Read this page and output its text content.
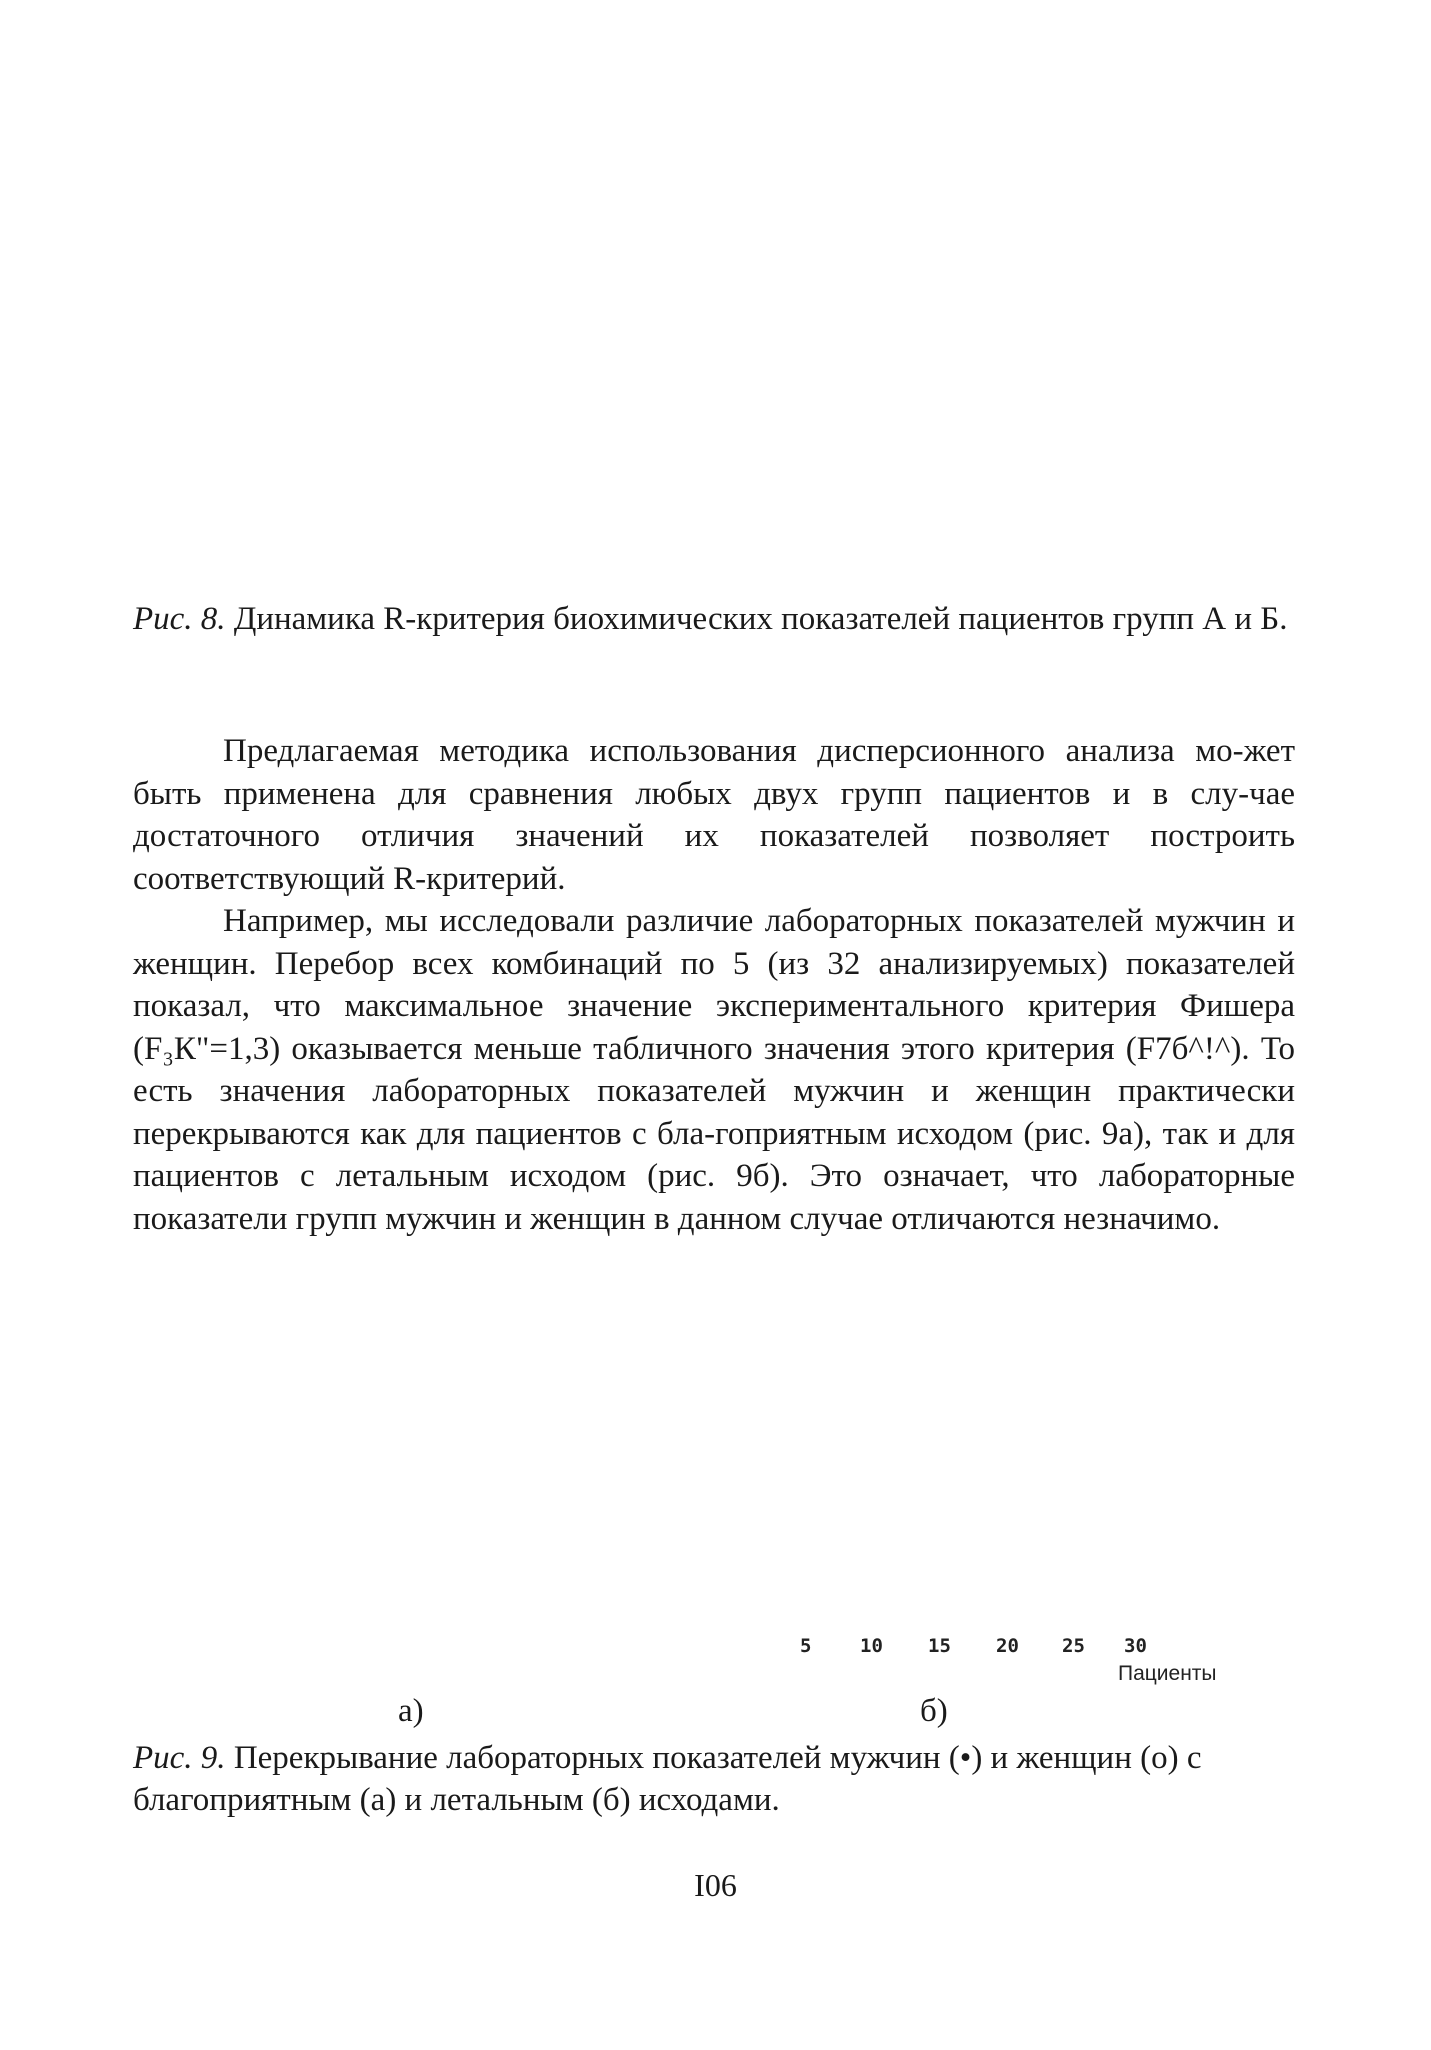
Рис. 8. Динамика R-критерия биохимических показателей пациентов групп А и Б.

Предлагаемая методика использования дисперсионного анализа мо-жет быть применена для сравнения любых двух групп пациентов и в слу-чае достаточного отличия значений их показателей позволяет построить соответствующий R-критерий.

Например, мы исследовали различие лабораторных показателей мужчин и женщин. Перебор всех комбинаций по 5 (из 32 анализируемых) показателей показал, что максимальное значение экспериментального критерия Фишера (F₃К"=1,3) оказывается меньше табличного значения этого критерия (F7б^!^). То есть значения лабораторных показателей мужчин и женщин практически перекрываются как для пациентов с бла-гоприятным исходом (рис. 9а), так и для пациентов с летальным исходом (рис. 9б). Это означает, что лабораторные показатели групп мужчин и женщин в данном случае отличаются незначимо.

5	10 15 20 25 30
Пациенты
а)	б)
Рис. 9. Перекрывание лабораторных показателей мужчин (•) и женщин (о) с благоприятным (а) и летальным (б) исходами.
I06
